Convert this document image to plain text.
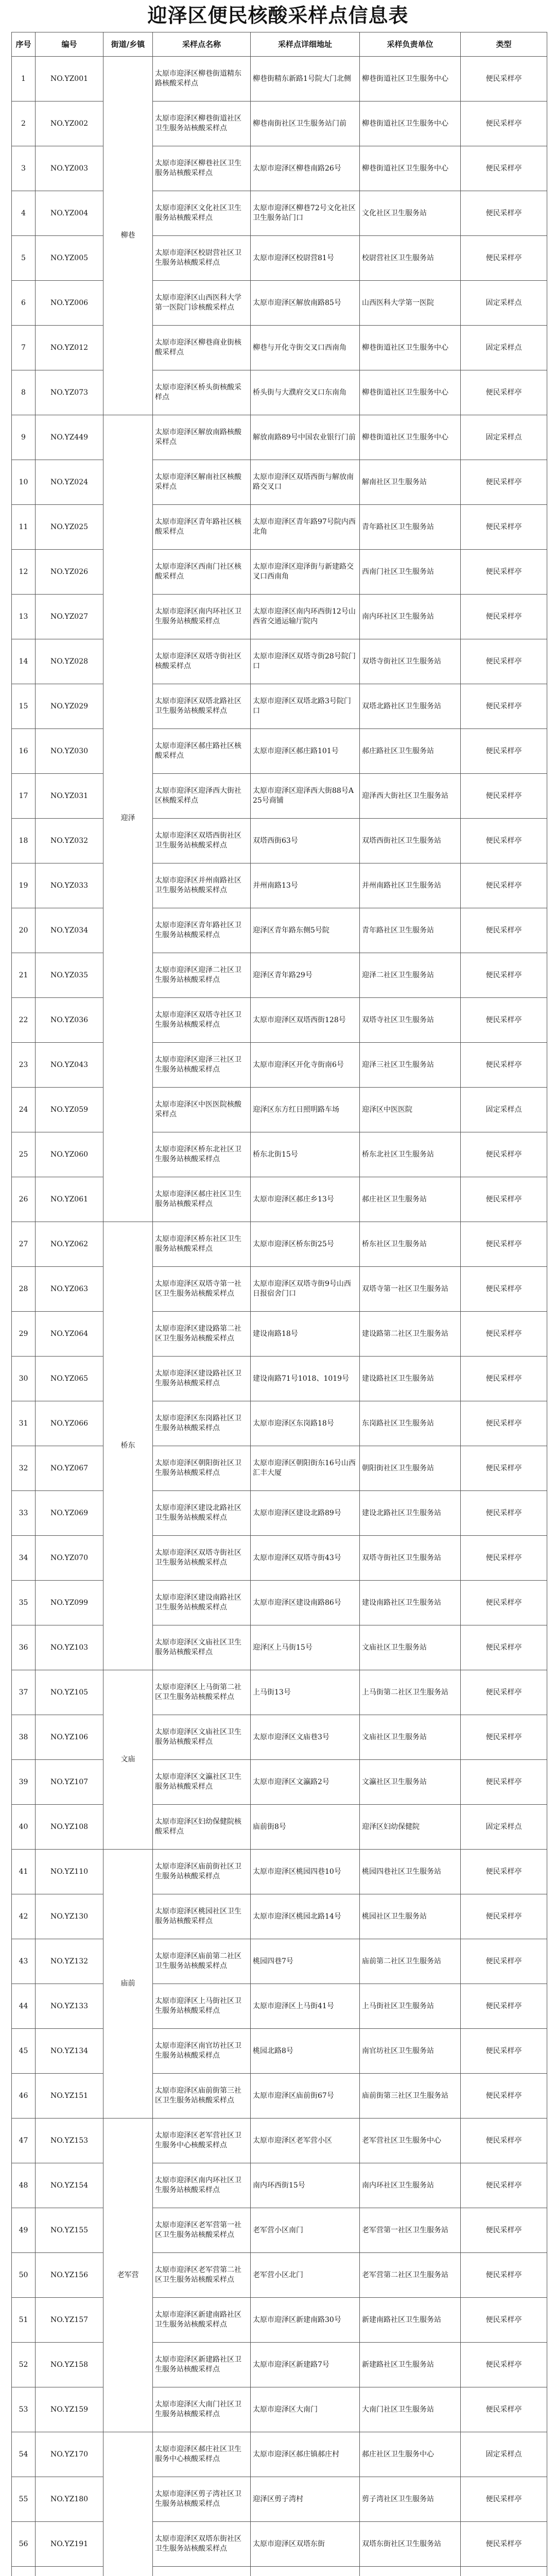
迎泽区便民核酸采样点信息表
序号	编号	街道/乡镇	采样点名称	采样点详细地址	采样负责单位	类型
1	NO.YZ001	柳巷	太原市迎泽区柳巷街道精东路核酸采样点	柳巷街精东新路1号院大门北侧	柳巷街道社区卫生服务中心	便民采样亭
2	NO.YZ002		太原市迎泽区柳巷街道社区卫生服务站核酸采样点	柳巷南街社区卫生服务站门前	柳巷街道社区卫生服务中心	便民采样亭
3	NO.YZ003		太原市迎泽区柳巷社区卫生服务站核酸采样点	太原市迎泽区柳巷南路26号	柳巷街道社区卫生服务中心	便民采样亭
4	NO.YZ004		太原市迎泽区文化社区卫生服务站核酸采样点	太原市迎泽区柳巷72号文化社区卫生服务站门口	文化社区卫生服务站	便民采样亭
5	NO.YZ005		太原市迎泽区校尉营社区卫生服务站核酸采样点	太原市迎泽区校尉营81号	校尉营社区卫生服务站	便民采样亭
6	NO.YZ006		太原市迎泽区山西医科大学第一医院门诊核酸采样点	太原市迎泽区解放南路85号	山西医科大学第一医院	固定采样点
7	NO.YZ012		太原市迎泽区柳巷商业街核酸采样点	柳巷与开化寺街交叉口西南角	柳巷街道社区卫生服务中心	固定采样点
8	NO.YZ073		太原市迎泽区桥头街核酸采样点	桥头街与大濮府交叉口东南角	柳巷街道社区卫生服务中心	便民采样亭
9	NO.YZ449	迎泽	太原市迎泽区解放南路核酸采样点	解放南路89号中国农业银行门前	柳巷街道社区卫生服务中心	固定采样点
10	NO.YZ024		太原市迎泽区解南社区核酸采样点	太原市迎泽区双塔西街与解放南路交叉口	解南社区卫生服务站	便民采样亭
11	NO.YZ025		太原市迎泽区青年路社区核酸采样点	太原市迎泽区青年路97号院内西北角	青年路社区卫生服务站	便民采样亭
12	NO.YZ026		太原市迎泽区西南门社区核酸采样点	太原市迎泽区迎泽街与新建路交叉口西南角	西南门社区卫生服务站	便民采样亭
13	NO.YZ027		太原市迎泽区南内环社区卫生服务站核酸采样点	太原市迎泽区南内环西街12号山西省交通运输厅院内	南内环社区卫生服务站	便民采样亭
14	NO.YZ028		太原市迎泽区双塔寺街社区核酸采样点	太原市迎泽区双塔寺街28号院门口	双塔寺街社区卫生服务站	便民采样亭
15	NO.YZ029		太原市迎泽区双塔北路社区卫生服务站核酸采样点	太原市迎泽区双塔北路3号院门口	双塔北路社区卫生服务站	便民采样亭
16	NO.YZ030		太原市迎泽区郝庄路社区核酸采样点	太原市迎泽区郝庄路101号	郝庄路社区卫生服务站	便民采样亭
17	NO.YZ031		太原市迎泽区迎泽西大街社区核酸采样点	太原市迎泽区迎泽西大街88号A25号商铺	迎泽西大街社区卫生服务站	便民采样亭
18	NO.YZ032		太原市迎泽区双塔西街社区卫生服务站核酸采样点	双塔西街63号	双塔西街社区卫生服务站	便民采样亭
19	NO.YZ033		太原市迎泽区并州南路社区卫生服务站核酸采样点	并州南路13号	并州南路社区卫生服务站	便民采样亭
20	NO.YZ034		太原市迎泽区青年路社区卫生服务站核酸采样点	迎泽区青年路东侧5号院	青年路社区卫生服务站	便民采样亭
21	NO.YZ035		太原市迎泽区迎泽二社区卫生服务站核酸采样点	迎泽区青年路29号	迎泽二社区卫生服务站	便民采样亭
22	NO.YZ036		太原市迎泽区双塔寺社区卫生服务站核酸采样点	太原市迎泽区双塔西街128号	双塔寺社区卫生服务站	便民采样亭
23	NO.YZ043		太原市迎泽区迎泽三社区卫生服务站核酸采样点	太原市迎泽区开化寺街南6号	迎泽三社区卫生服务站	便民采样亭
24	NO.YZ059		太原市迎泽区中医医院核酸采样点	迎泽区东方红日照明路车场	迎泽区中医医院	固定采样点
25	NO.YZ060		太原市迎泽区桥东北社区卫生服务站核酸采样点	桥东北街15号	桥东北社区卫生服务站	便民采样亭
26	NO.YZ061		太原市迎泽区郝庄社区卫生服务站核酸采样点	太原市迎泽区郝庄乡13号	郝庄社区卫生服务站	便民采样亭
27	NO.YZ062	桥东	太原市迎泽区桥东社区卫生服务站核酸采样点	太原市迎泽区桥东街25号	桥东社区卫生服务站	便民采样亭
28	NO.YZ063		太原市迎泽区双塔寺第一社区卫生服务站核酸采样点	太原市迎泽区双塔寺街9号山西日报宿舍门口	双塔寺第一社区卫生服务站	便民采样亭
29	NO.YZ064		太原市迎泽区建设路第二社区卫生服务站核酸采样点	建设南路18号	建设路第二社区卫生服务站	便民采样亭
30	NO.YZ065		太原市迎泽区建设路社区卫生服务站核酸采样点	建设南路71号1018、1019号	建设路社区卫生服务站	便民采样亭
31	NO.YZ066		太原市迎泽区东岗路社区卫生服务站核酸采样点	太原市迎泽区东岗路18号	东岗路社区卫生服务站	便民采样亭
32	NO.YZ067		太原市迎泽区朝阳街社区卫生服务站核酸采样点	太原市迎泽区朝阳街东16号山西汇丰大厦	朝阳街社区卫生服务站	便民采样亭
33	NO.YZ069		太原市迎泽区建设北路社区卫生服务站核酸采样点	太原市迎泽区建设北路89号	建设北路社区卫生服务站	便民采样亭
34	NO.YZ070		太原市迎泽区双塔寺街社区卫生服务站核酸采样点	太原市迎泽区双塔寺街43号	双塔寺街社区卫生服务站	便民采样亭
35	NO.YZ099		太原市迎泽区建设南路社区卫生服务站核酸采样点	太原市迎泽区建设南路86号	建设南路社区卫生服务站	便民采样亭
36	NO.YZ103		太原市迎泽区文庙社区卫生服务站核酸采样点	迎泽区上马街15号	文庙社区卫生服务站	便民采样亭
37	NO.YZ105	文庙	太原市迎泽区上马街第二社区卫生服务站核酸采样点	上马街13号	上马街第二社区卫生服务站	便民采样亭
38	NO.YZ106		太原市迎泽区文庙社区卫生服务站核酸采样点	太原市迎泽区文庙巷3号	文庙社区卫生服务站	便民采样亭
39	NO.YZ107		太原市迎泽区文瀛社区卫生服务站核酸采样点	太原市迎泽区文瀛路2号	文瀛社区卫生服务站	便民采样亭
40	NO.YZ108		太原市迎泽区妇幼保健院核酸采样点	庙前街8号	迎泽区妇幼保健院	固定采样点
41	NO.YZ110	庙前	太原市迎泽区庙前街社区卫生服务站核酸采样点	太原市迎泽区桃园四巷10号	桃园四巷社区卫生服务站	便民采样亭
42	NO.YZ130		太原市迎泽区桃园社区卫生服务站核酸采样点	太原市迎泽区桃园北路14号	桃园社区卫生服务站	便民采样亭
43	NO.YZ132		太原市迎泽区庙前第二社区卫生服务站核酸采样点	桃园四巷7号	庙前第二社区卫生服务站	便民采样亭
44	NO.YZ133		太原市迎泽区上马街社区卫生服务站核酸采样点	太原市迎泽区上马街41号	上马街社区卫生服务站	便民采样亭
45	NO.YZ134		太原市迎泽区南官坊社区卫生服务站核酸采样点	桃园北路8号	南官坊社区卫生服务站	便民采样亭
46	NO.YZ151		太原市迎泽区庙前街第三社区卫生服务站核酸采样点	太原市迎泽区庙前街67号	庙前街第三社区卫生服务站	便民采样亭
47	NO.YZ153	老军营	太原市迎泽区老军营社区卫生服务中心核酸采样点	太原市迎泽区老军营小区	老军营社区卫生服务中心	便民采样亭
48	NO.YZ154		太原市迎泽区南内环社区卫生服务站核酸采样点	南内环西街15号	南内环社区卫生服务站	便民采样亭
49	NO.YZ155		太原市迎泽区老军营第一社区卫生服务站核酸采样点	老军营小区南门	老军营第一社区卫生服务站	便民采样亭
50	NO.YZ156		太原市迎泽区老军营第二社区卫生服务站核酸采样点	老军营小区北门	老军营第二社区卫生服务站	便民采样亭
51	NO.YZ157		太原市迎泽区新建南路社区卫生服务站核酸采样点	太原市迎泽区新建南路30号	新建南路社区卫生服务站	便民采样亭
52	NO.YZ158		太原市迎泽区新建路社区卫生服务站核酸采样点	太原市迎泽区新建路7号	新建路社区卫生服务站	便民采样亭
53	NO.YZ159		太原市迎泽区大南门社区卫生服务站核酸采样点	太原市迎泽区大南门	大南门社区卫生服务站	便民采样亭
54	NO.YZ170		太原市迎泽区郝庄社区卫生服务中心核酸采样点	太原市迎泽区郝庄镇郝庄村	郝庄社区卫生服务中心	固定采样点
55	NO.YZ180		太原市迎泽区剪子湾社区卫生服务站核酸采样点	迎泽区剪子湾村	剪子湾社区卫生服务站	便民采样亭
56	NO.YZ191		太原市迎泽区双塔东街社区卫生服务站核酸采样点	太原市迎泽区双塔东街	双塔东街社区卫生服务站	便民采样亭
